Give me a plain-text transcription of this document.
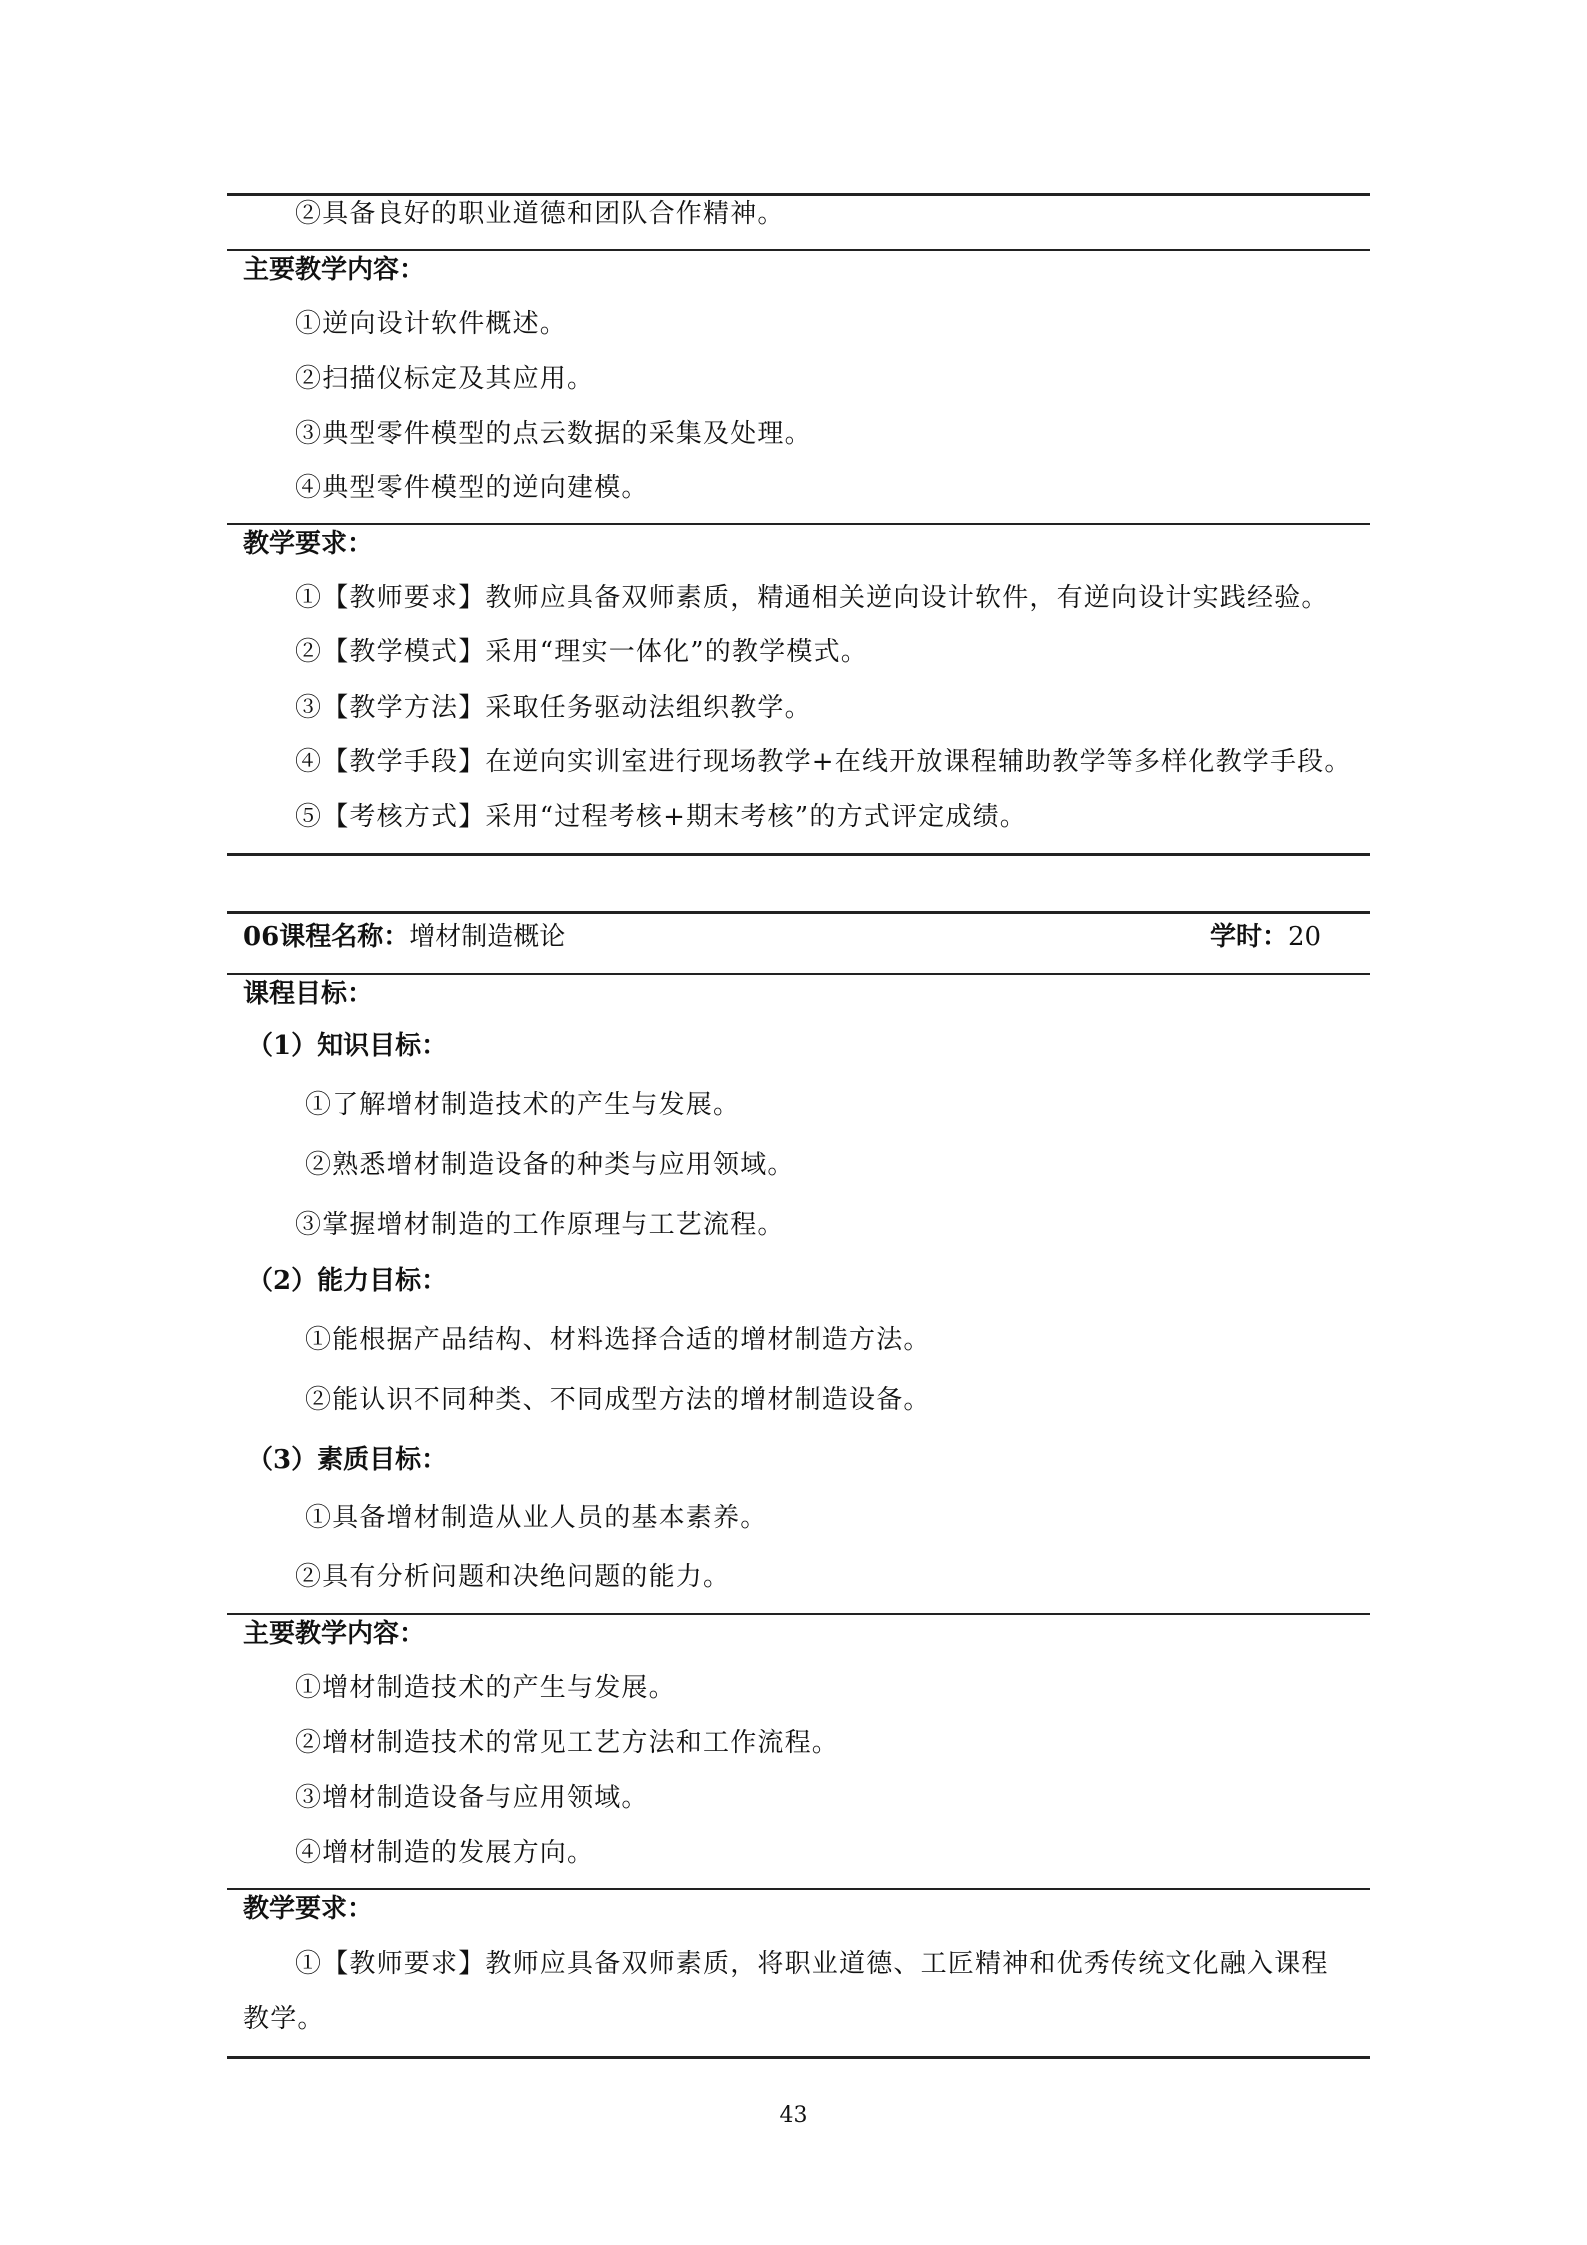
②具备良好的职业道德和团队合作精神。
主要教学内容：
①逆向设计软件概述。
②扫描仪标定及其应用。
③典型零件模型的点云数据的采集及处理。
④典型零件模型的逆向建模。
教学要求：
①【教师要求】教师应具备双师素质，精通相关逆向设计软件，有逆向设计实践经验。
②【教学模式】采用“理实一体化”的教学模式。
③【教学方法】采取任务驱动法组织教学。
④【教学手段】在逆向实训室进行现场教学+在线开放课程辅助教学等多样化教学手段。
⑤【考核方式】采用“过程考核+期末考核”的方式评定成绩。
06课程名称：增材制造概论	学时：20
课程目标：
（1）知识目标：
①了解增材制造技术的产生与发展。
②熟悉增材制造设备的种类与应用领域。
③掌握增材制造的工作原理与工艺流程。
（2）能力目标：
①能根据产品结构、材料选择合适的增材制造方法。
②能认识不同种类、不同成型方法的增材制造设备。
（3）素质目标：
①具备增材制造从业人员的基本素养。
②具有分析问题和决绝问题的能力。
主要教学内容：
①增材制造技术的产生与发展。
②增材制造技术的常见工艺方法和工作流程。
③增材制造设备与应用领域。
④增材制造的发展方向。
教学要求：
①【教师要求】教师应具备双师素质，将职业道德、工匠精神和优秀传统文化融入课程
教学。
43
